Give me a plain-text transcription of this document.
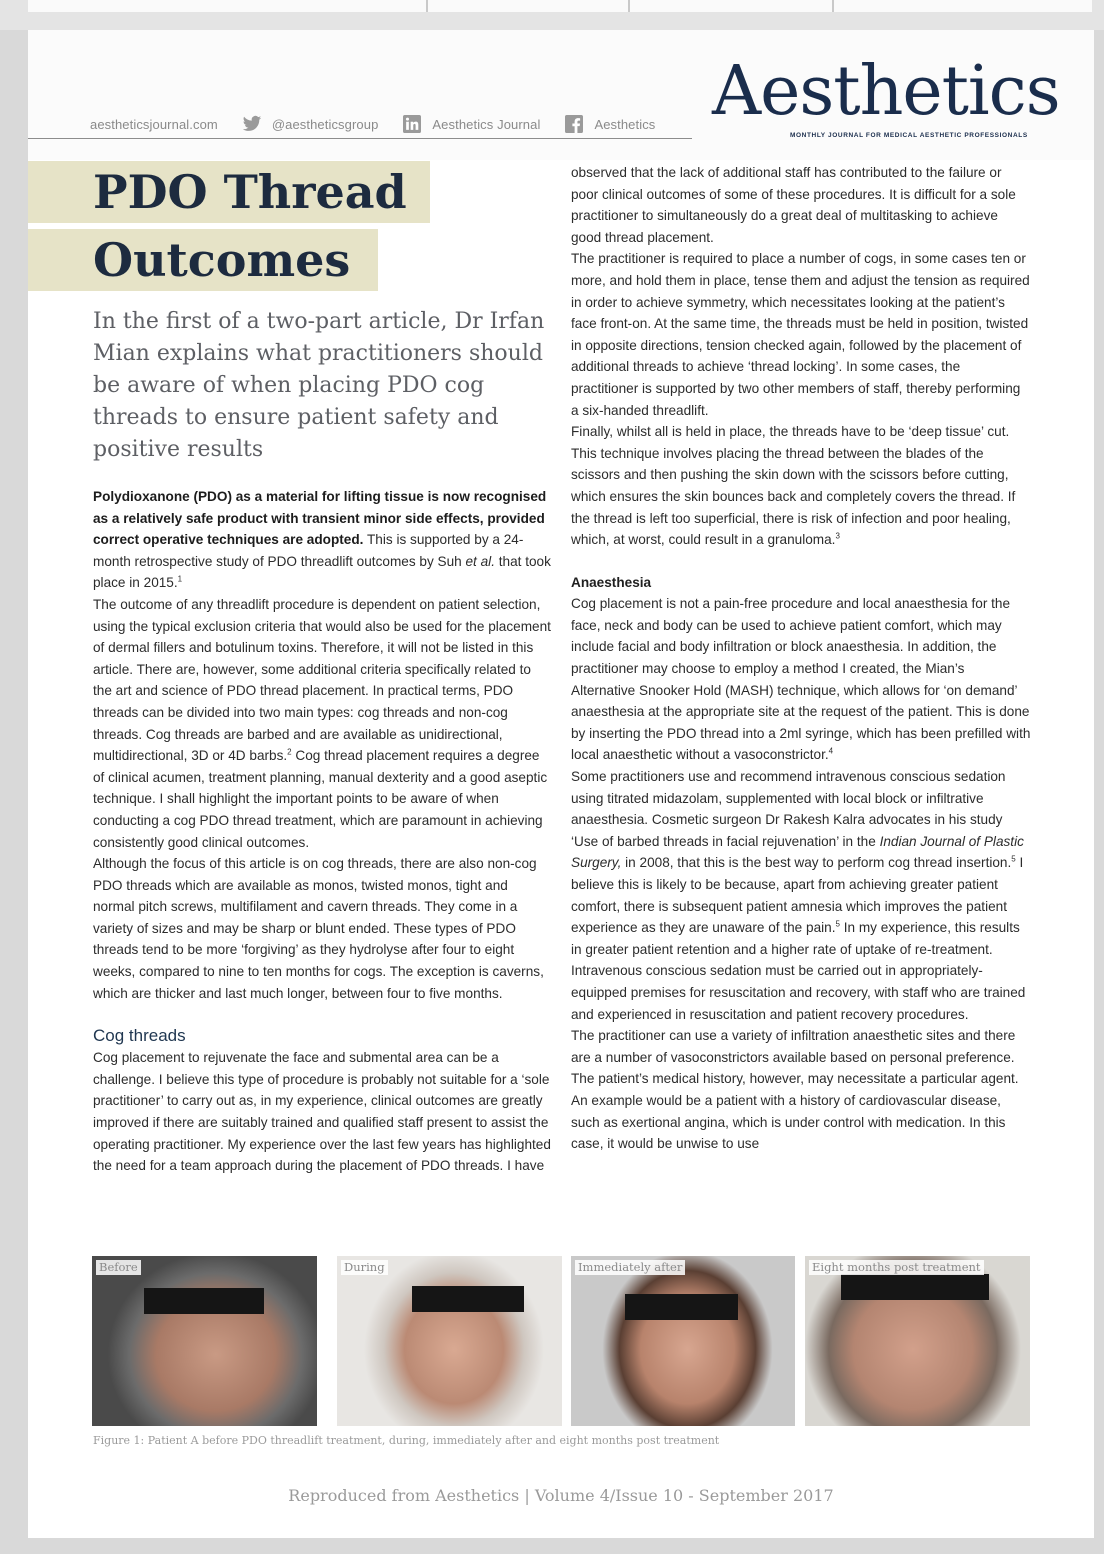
aestheticsjournal.com	@aestheticsgroup	Aesthetics Journal	Aesthetics Aesthetics
MONTHLY JOURNAL FOR MEDICAL AESTHETIC PROFESSIONALS
PDO Thread
Outcomes
In the first of a two-part article, Dr Irfan Mian explains what practitioners should be aware of when placing PDO cog threads to ensure patient safety and positive results

Polydioxanone (PDO) as a material for lifting tissue is now recognised as a relatively safe product with transient minor side effects, provided correct operative techniques are adopted. This is supported by a 24-month retrospective study of PDO threadlift outcomes by Suh et al. that took place in 2015.$^1$

The outcome of any threadlift procedure is dependent on patient selection, using the typical exclusion criteria that would also be used for the placement of dermal fillers and botulinum toxins. Therefore, it will not be listed in this article. There are, however, some additional criteria specifically related to the art and science of PDO thread placement. In practical terms, PDO threads can be divided into two main types: cog threads and non-cog threads. Cog threads are barbed and are available as unidirectional, multidirectional, 3D or 4D barbs.$^2$ Cog thread placement requires a degree of clinical acumen, treatment planning, manual dexterity and a good aseptic technique. I shall highlight the important points to be aware of when conducting a cog PDO thread treatment, which are paramount in achieving consistently good clinical outcomes.

Although the focus of this article is on cog threads, there are also non-cog PDO threads which are available as monos, twisted monos, tight and normal pitch screws, multifilament and cavern threads. They come in a variety of sizes and may be sharp or blunt ended. These types of PDO threads tend to be more ‘forgiving’ as they hydrolyse after four to eight weeks, compared to nine to ten months for cogs. The exception is caverns, which are thicker and last much longer, between four to five months.

Cog threads

Cog placement to rejuvenate the face and submental area can be a challenge. I believe this type of procedure is probably not suitable for a ‘sole practitioner’ to carry out as, in my experience, clinical outcomes are greatly improved if there are suitably trained and qualified staff present to assist the operating practitioner. My experience over the last few years has highlighted the need for a team approach during the placement of PDO threads. I have

observed that the lack of additional staff has contributed to the failure or poor clinical outcomes of some of these procedures. It is difficult for a sole practitioner to simultaneously do a great deal of multitasking to achieve good thread placement.

The practitioner is required to place a number of cogs, in some cases ten or more, and hold them in place, tense them and adjust the tension as required in order to achieve symmetry, which necessitates looking at the patient’s face front-on. At the same time, the threads must be held in position, twisted in opposite directions, tension checked again, followed by the placement of additional threads to achieve ‘thread locking’. In some cases, the practitioner is supported by two other members of staff, thereby performing a six-handed threadlift.

Finally, whilst all is held in place, the threads have to be ‘deep tissue’ cut. This technique involves placing the thread between the blades of the scissors and then pushing the skin down with the scissors before cutting, which ensures the skin bounces back and completely covers the thread. If the thread is left too superficial, there is risk of infection and poor healing, which, at worst, could result in a granuloma.$^3$

Anaesthesia

Cog placement is not a pain-free procedure and local anaesthesia for the face, neck and body can be used to achieve patient comfort, which may include facial and body infiltration or block anaesthesia. In addition, the practitioner may choose to employ a method I created, the Mian’s Alternative Snooker Hold (MASH) technique, which allows for ‘on demand’ anaesthesia at the appropriate site at the request of the patient. This is done by inserting the PDO thread into a 2ml syringe, which has been prefilled with local anaesthetic without a vasoconstrictor.$^4$

Some practitioners use and recommend intravenous conscious sedation using titrated midazolam, supplemented with local block or infiltrative anaesthesia. Cosmetic surgeon Dr Rakesh Kalra advocates in his study ‘Use of barbed threads in facial rejuvenation’ in the Indian Journal of Plastic Surgery, in 2008, that this is the best way to perform cog thread insertion.$^5$ I believe this is likely to be because, apart from achieving greater patient comfort, there is subsequent patient amnesia which improves the patient experience as they are unaware of the pain.$^5$ In my experience, this results in greater patient retention and a higher rate of uptake of re-treatment. Intravenous conscious sedation must be carried out in appropriately-equipped premises for resuscitation and recovery, with staff who are trained and experienced in resuscitation and patient recovery procedures.

The practitioner can use a variety of infiltration anaesthetic sites and there are a number of vasoconstrictors available based on personal preference. The patient’s medical history, however, may necessitate a particular agent. An example would be a patient with a history of cardiovascular disease, such as exertional angina, which is under control with medication. In this case, it would be unwise to use

Before	During	Immediately after	Eight months post treatment
Figure 1: Patient A before PDO threadlift treatment, during, immediately after and eight months post treatment
Reproduced from Aesthetics | Volume 4/Issue 10 - September 2017
